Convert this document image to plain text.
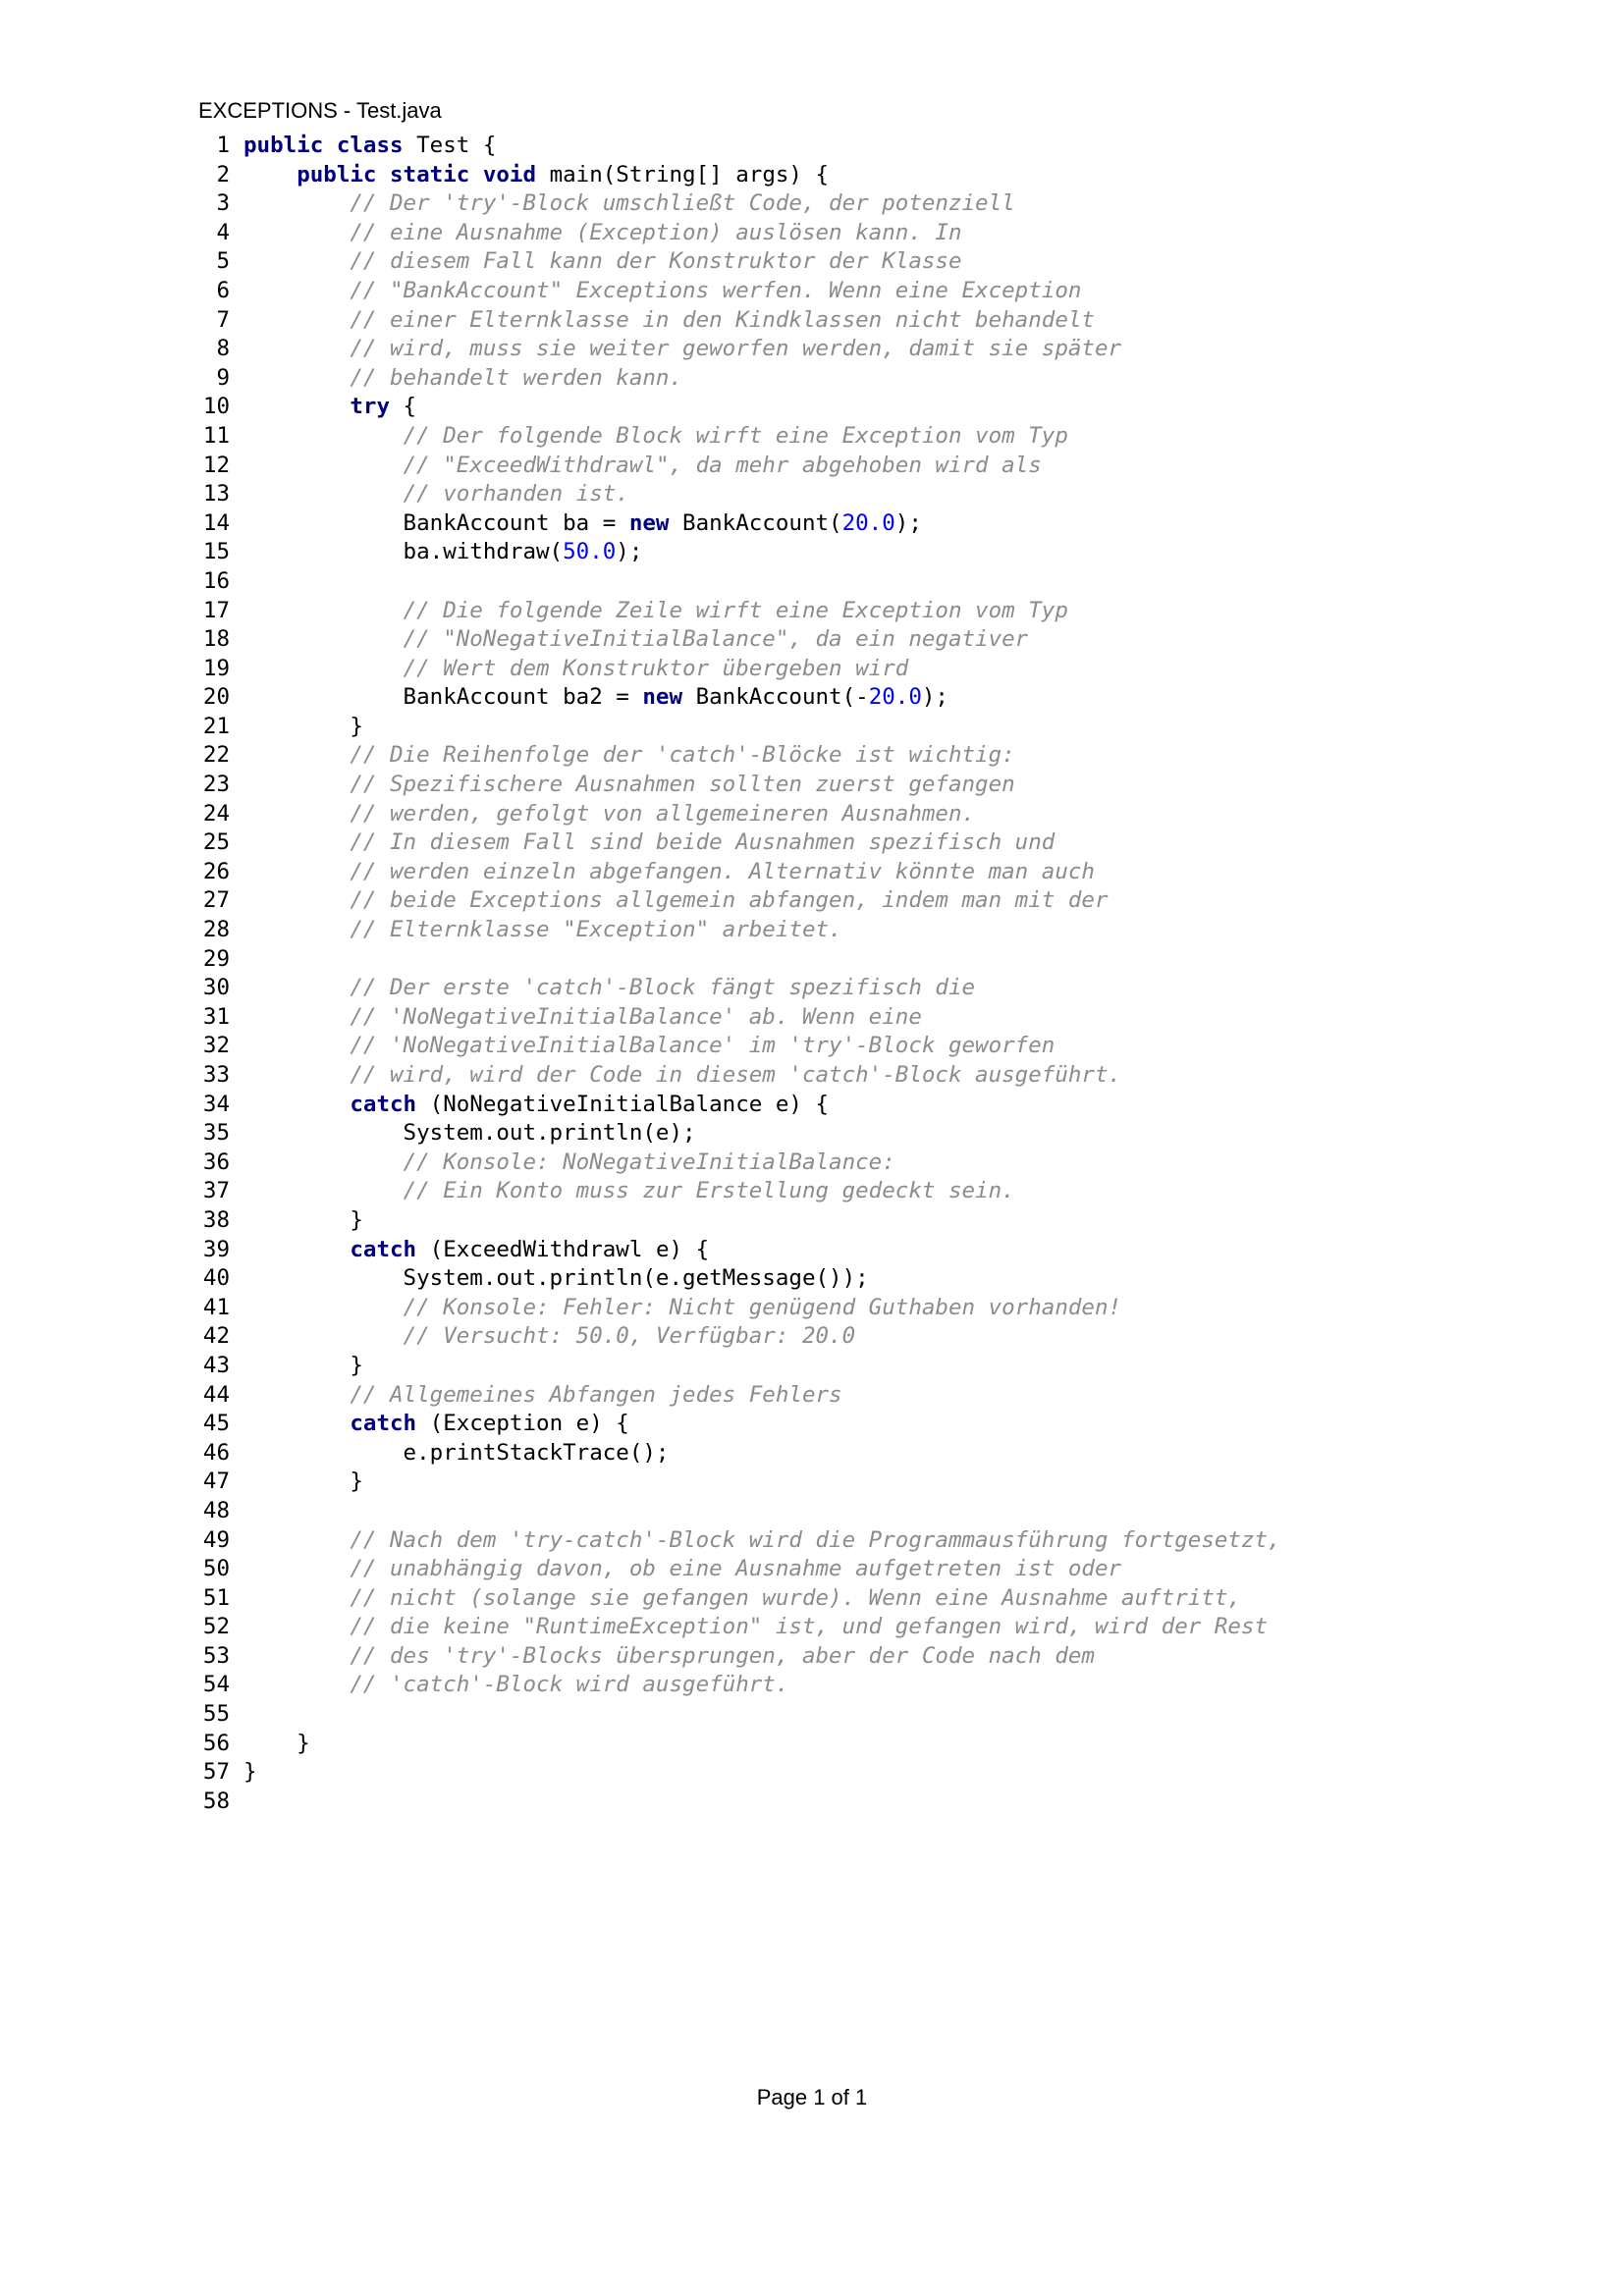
EXCEPTIONS - Test.java
1 public class Test {
2	public static void main(String[] args) {
3	// Der 'try'-Block umschließt Code, der potenziell
4	// eine Ausnahme (Exception) auslösen kann. In
5	// diesem Fall kann der Konstruktor der Klasse
6	// "BankAccount" Exceptions werfen. Wenn eine Exception
7	// einer Elternklasse in den Kindklassen nicht behandelt
8	// wird, muss sie weiter geworfen werden, damit sie später
9	// behandelt werden kann.
10	try {
11	// Der folgende Block wirft eine Exception vom Typ
12	// "ExceedWithdrawl", da mehr abgehoben wird als
13	// vorhanden ist.
14 BankAccount ba = new BankAccount(20.0);
15 ba.withdraw(50.0);
16
17	// Die folgende Zeile wirft eine Exception vom Typ
18	// "NoNegativeInitialBalance", da ein negativer
19	// Wert dem Konstruktor übergeben wird
20 BankAccount ba2 = new BankAccount(-20.0);
21 }
22	// Die Reihenfolge der 'catch'-Blöcke ist wichtig:
23	// Spezifischere Ausnahmen sollten zuerst gefangen
24	// werden, gefolgt von allgemeineren Ausnahmen.
25	// In diesem Fall sind beide Ausnahmen spezifisch und
26	// werden einzeln abgefangen. Alternativ könnte man auch
27	// beide Exceptions allgemein abfangen, indem man mit der
28	// Elternklasse "Exception" arbeitet.
29
30	// Der erste 'catch'-Block fängt spezifisch die
31	// 'NoNegativeInitialBalance' ab. Wenn eine
32	// 'NoNegativeInitialBalance' im 'try'-Block geworfen
33	// wird, wird der Code in diesem 'catch'-Block ausgeführt.
34	catch (NoNegativeInitialBalance e) {
35 System.out.println(e);
36	// Konsole: NoNegativeInitialBalance:
37	// Ein Konto muss zur Erstellung gedeckt sein.
38 }
39	catch (ExceedWithdrawl e) {
40 System.out.println(e.getMessage());
41	// Konsole: Fehler: Nicht genügend Guthaben vorhanden!
42	// Versucht: 50.0, Verfügbar: 20.0
43 }
44	// Allgemeines Abfangen jedes Fehlers
45	catch (Exception e) {
46 e.printStackTrace();
47 }
48
49	// Nach dem 'try-catch'-Block wird die Programmausführung fortgesetzt,
50	// unabhängig davon, ob eine Ausnahme aufgetreten ist oder
51	// nicht (solange sie gefangen wurde). Wenn eine Ausnahme auftritt,
52	// die keine "RuntimeException" ist, und gefangen wird, wird der Rest
53	// des 'try'-Blocks übersprungen, aber der Code nach dem
54	// 'catch'-Block wird ausgeführt.
55
56 }
57 }
58
Page 1 of 1
